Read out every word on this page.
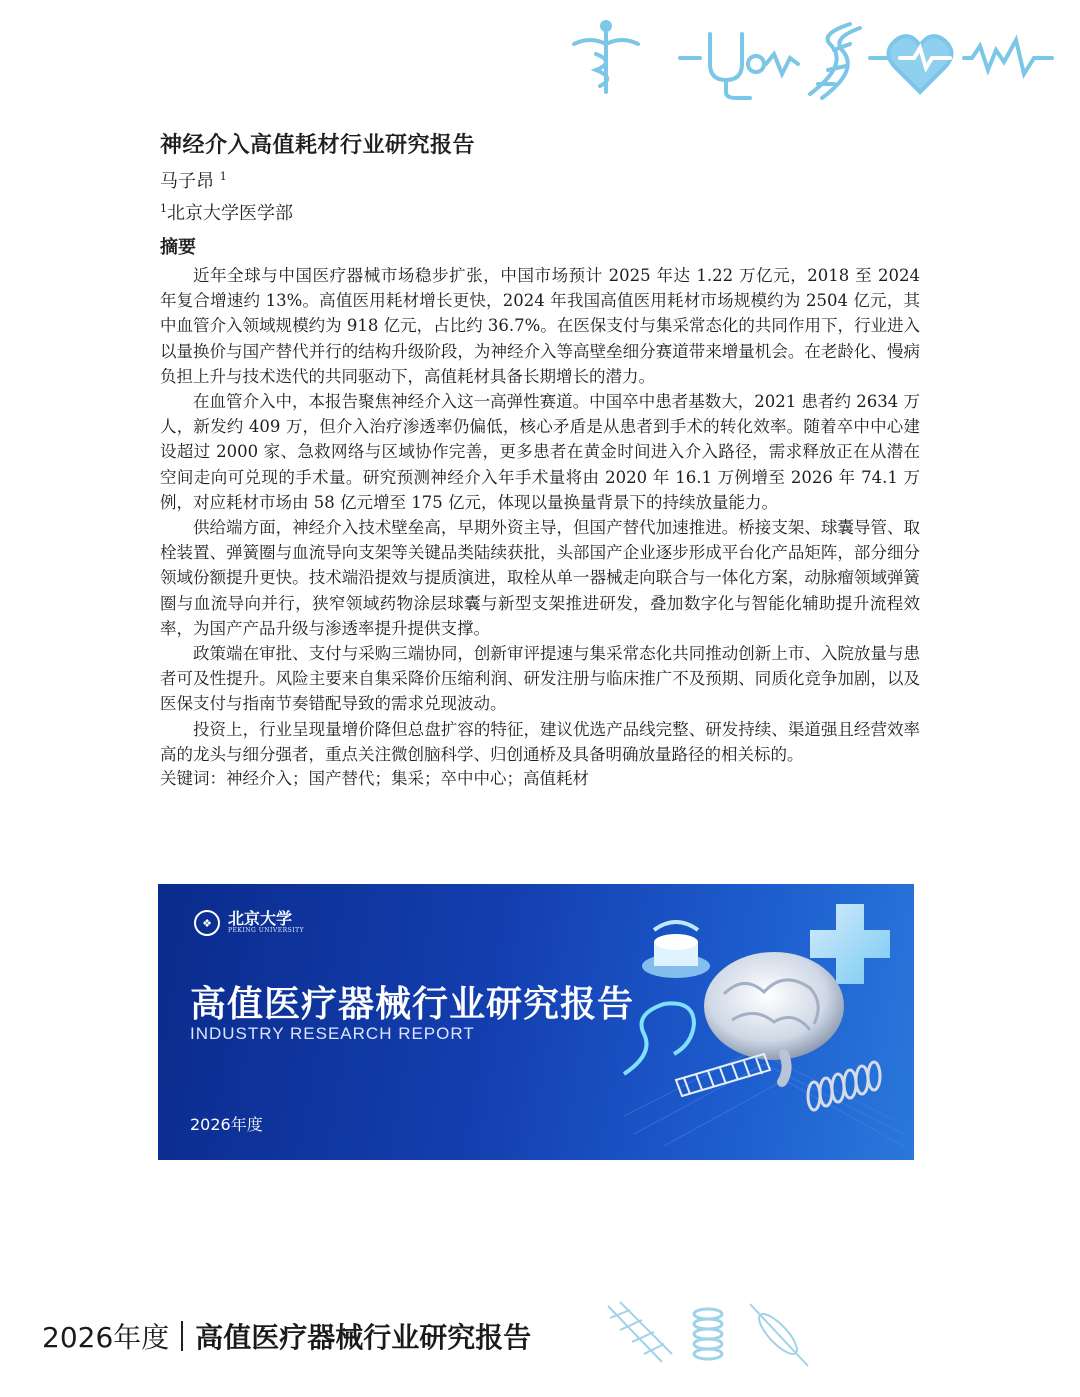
神经介入高值耗材行业研究报告
马子昂 $^1$
$^1$北京大学医学部
摘要

近年全球与中国医疗器械市场稳步扩张，中国市场预计 2025 年达 1.22 万亿元，2018 至 2024 年复合增速约 13%。高值医用耗材增长更快，2024 年我国高值医用耗材市场规模约为 2504 亿元，其中血管介入领域规模约为 918 亿元，占比约 36.7%。在医保支付与集采常态化的共同作用下，行业进入以量换价与国产替代并行的结构升级阶段，为神经介入等高壁垒细分赛道带来增量机会。在老龄化、慢病负担上升与技术迭代的共同驱动下，高值耗材具备长期增长的潜力。

在血管介入中，本报告聚焦神经介入这一高弹性赛道。中国卒中患者基数大，2021 患者约 2634 万人，新发约 409 万，但介入治疗渗透率仍偏低，核心矛盾是从患者到手术的转化效率。随着卒中中心建设超过 2000 家、急救网络与区域协作完善，更多患者在黄金时间进入介入路径，需求释放正在从潜在空间走向可兑现的手术量。研究预测神经介入年手术量将由 2020 年 16.1 万例增至 2026 年 74.1 万例，对应耗材市场由 58 亿元增至 175 亿元，体现以量换量背景下的持续放量能力。

供给端方面，神经介入技术壁垒高，早期外资主导，但国产替代加速推进。桥接支架、球囊导管、取栓装置、弹簧圈与血流导向支架等关键品类陆续获批，头部国产企业逐步形成平台化产品矩阵，部分细分领域份额提升更快。技术端沿提效与提质演进，取栓从单一器械走向联合与一体化方案，动脉瘤领域弹簧圈与血流导向并行，狭窄领域药物涂层球囊与新型支架推进研发，叠加数字化与智能化辅助提升流程效率，为国产产品升级与渗透率提升提供支撑。

政策端在审批、支付与采购三端协同，创新审评提速与集采常态化共同推动创新上市、入院放量与患者可及性提升。风险主要来自集采降价压缩利润、研发注册与临床推广不及预期、同质化竞争加剧，以及医保支付与指南节奏错配导致的需求兑现波动。

投资上，行业呈现量增价降但总盘扩容的特征，建议优选产品线完整、研发持续、渠道强且经营效率高的龙头与细分强者，重点关注微创脑科学、归创通桥及具备明确放量路径的相关标的。

关键词：神经介入；国产替代；集采；卒中中心；高值耗材
❖	北京大学
PEKING UNIVERSITY
高值医疗器械行业研究报告
INDUSTRY RESEARCH REPORT
2026年度
2026年度 高值医疗器械行业研究报告
